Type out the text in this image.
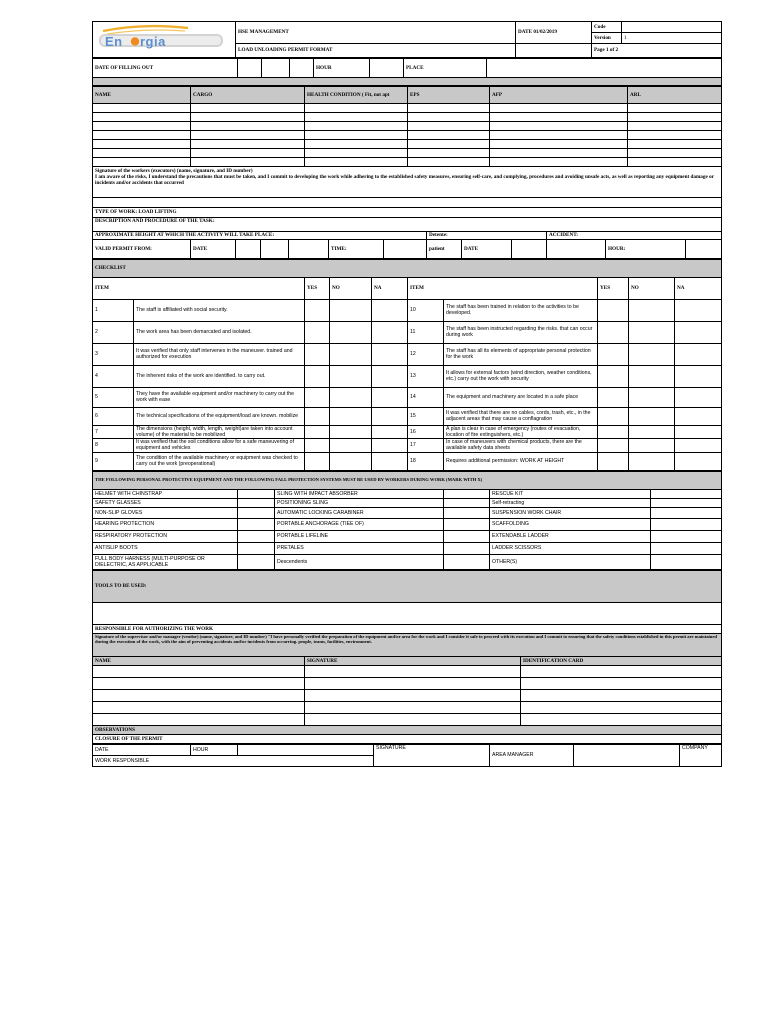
En rgia	HSE MANAGEMENT	DATE 01/02/2019	Code	
			Version	1
	LOAD UNLOADING PERMIT FORMAT		Page 1 of 2	
DATE OF FILLING OUT				HOUR		PLACE	

NAME	CARGO	HEALTH CONDITION ( Fit, not apt	EPS	AFP	ARL

Signature of the workers (executors) (name, signature, and ID number)
I am aware of the risks, I understand the precautions that must be taken, and I commit to developing the work while adhering to the established safety measures, ensuring self-care, and complying, procedures and avoiding unsafe acts, as well as reporting any equipment damage or incidents and/or accidents that occurred					

TYPE OF WORK: LOAD LIFTING												
DESCRIPTION AND PROCEDURE OF THE TASK:												
APPROXIMATE HEIGHT AT WHICH THE ACTIVITY WILL TAKE PLACE:							Detente:			ACCIDENT:		
VALID PERMIT FROM:	DATE				TIME:		patient	DATE			HOUR:	
CHECKLIST									
ITEM		YES	NO	NA	ITEM		YES	NO	NA
1	The staff is affiliated with social security.				10	The staff has been trained in relation to the activities to be developed.			
2	The work area has been demarcated and isolated.				11	The staff has been instructed regarding the risks. that can occur during work			
3	It was verified that only staff intervenes in the maneuver. trained and authorized for execution				12	The staff has all its elements of appropriate personal protection for the work			
4	The inherent risks of the work are identified. to carry out.				13	It allows for external factors (wind direction, weather conditions, etc.) carry out the work with security			
5	They have the available equipment and/or machinery to carry out the work with ease				14	The equipment and machinery are located in a safe place			
6	The technical specifications of the equipment/load are known. mobilize				15	It was verified that there are no cables, cords, trash, etc., in the adjacent areas that may cause a conflagration			
7	The dimensions (height, width, length, weight)are taken into account volume) of the material to be mobilized				16	A plan is clear in case of emergency (routes of evacuation, location of fire extinguishers, etc.)			
8	It was verified that the soil conditions allow for a safe maneuvering of equipment and vehicles				17	In case of maneuvers with chemical products, there are the available safety data sheets			
9	The condition of the available machinery or equipment was checked to carry out the work (preoperational)				18	Requires additional permission: WORK AT HEIGHT			
THE FOLLOWING PERSONAL PROTECTIVE EQUIPMENT AND THE FOLLOWING FALL PROTECTION SYSTEMS MUST BE USED BY WORKERS DURING WORK (MARK WITH X)					
HELMET WITH CHINSTRAP		SLING WITH IMPACT ABSORBER		RESCUE KIT	
SAFETY GLASSES		POSITIONING SLING		Self-retracting	
NON-SLIP GLOVES		AUTOMATIC LOCKING CARABINER		SUSPENSION WORK CHAIR	
HEARING PROTECTION		PORTABLE ANCHORAGE (TIEE OF)		SCAFFOLDING	
RESPIRATORY PROTECTION		PORTABLE LIFELINE		EXTENDABLE LADDER	
ANTISLIP BOOTS		PRETALES		LADDER SCISSORS	
FULL BODY HARNESS (MULTI-PURPOSE OR DIELECTRIC, AS APPLICABLE		Descendents		OTHER(S)	
TOOLS TO BE USED:		

RESPONSIBLE FOR AUTHORIZING THE WORK		
Signature of the supervisor and/or manager (vendor) (name, signature, and ID number) "I have personally verified the preparation of the equipment and/or area for the work and I consider it safe to proceed with its execution and I commit to ensuring that the safety conditions established in this permit are maintained during the execution of the work, with the aim of preventing accidents and/or incidents from occurring. people, teams, facilities, environment.		
NAME	SIGNATURE	IDENTIFICATION CARD

OBSERVATIONS		
CLOSURE OF THE PERMIT		
DATE	HOUR		SIGNATURE	AREA MANAGER		COMPANY
WORK RESPONSIBLE
